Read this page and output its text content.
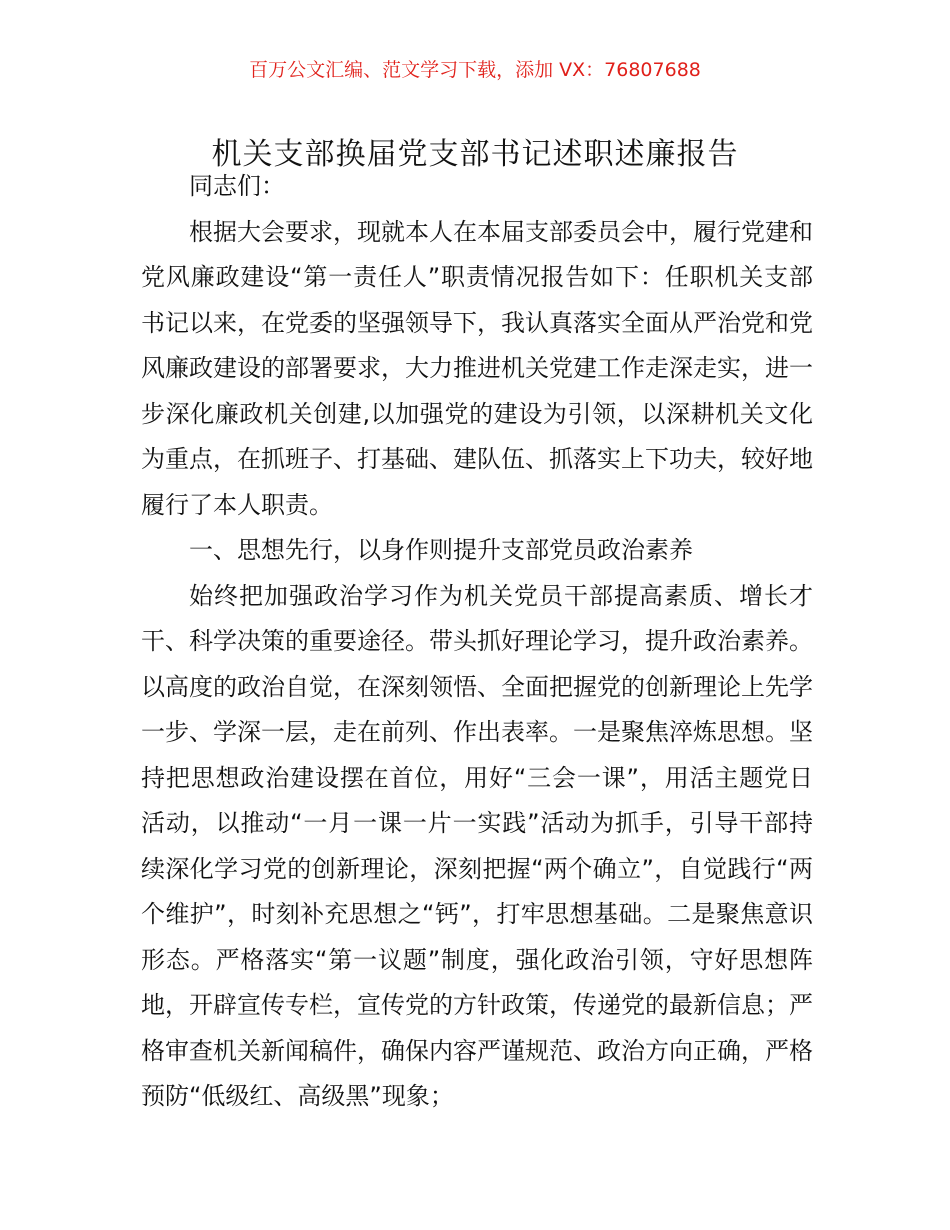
百万公文汇编、范文学习下载，添加 VX：76807688
机关支部换届党支部书记述职述廉报告

同志们：

根据大会要求，现就本人在本届支部委员会中，履行党建和党风廉政建设“第一责任人”职责情况报告如下：任职机关支部书记以来，在党委的坚强领导下，我认真落实全面从严治党和党风廉政建设的部署要求，大力推进机关党建工作走深走实，进一步深化廉政机关创建,以加强党的建设为引领，以深耕机关文化为重点，在抓班子、打基础、建队伍、抓落实上下功夫，较好地履行了本人职责。

一、思想先行，以身作则提升支部党员政治素养

始终把加强政治学习作为机关党员干部提高素质、增长才干、科学决策的重要途径。带头抓好理论学习，提升政治素养。以高度的政治自觉，在深刻领悟、全面把握党的创新理论上先学一步、学深一层，走在前列、作出表率。一是聚焦淬炼思想。坚持把思想政治建设摆在首位，用好“三会一课”，用活主题党日活动，以推动“一月一课一片一实践”活动为抓手，引导干部持续深化学习党的创新理论，深刻把握“两个确立”，自觉践行“两个维护”，时刻补充思想之“钙”，打牢思想基础。二是聚焦意识形态。严格落实“第一议题”制度，强化政治引领，守好思想阵地，开辟宣传专栏，宣传党的方针政策，传递党的最新信息；严格审查机关新闻稿件，确保内容严谨规范、政治方向正确，严格预防“低级红、高级黑”现象；
